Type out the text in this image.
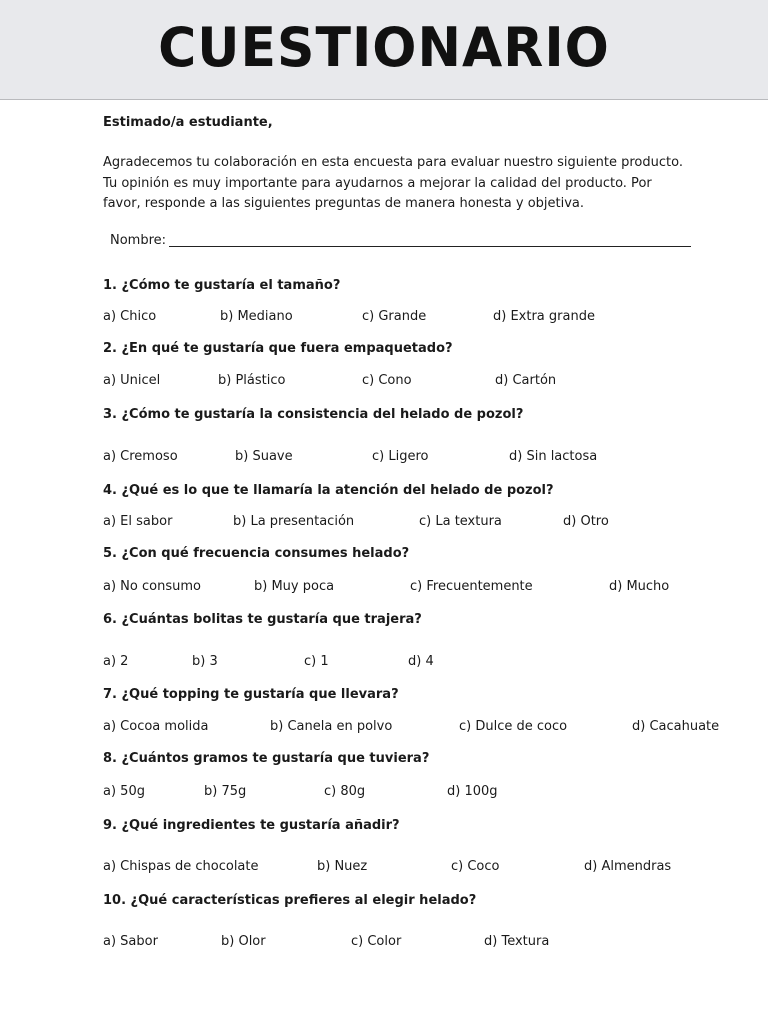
CUESTIONARIO
Estimado/a estudiante,
Agradecemos tu colaboración en esta encuesta para evaluar nuestro siguiente producto. Tu opinión es muy importante para ayudarnos a mejorar la calidad del producto. Por favor, responde a las siguientes preguntas de manera honesta y objetiva.
Nombre:
1. ¿Cómo te gustaría el tamaño?
a) Chico	b) Mediano	c) Grande	d) Extra grande
2. ¿En qué te gustaría que fuera empaquetado?
a) Unicel	b) Plástico	c) Cono	d) Cartón
3. ¿Cómo te gustaría la consistencia del helado de pozol?
a) Cremoso	b) Suave	c) Ligero	d) Sin lactosa
4. ¿Qué es lo que te llamaría la atención del helado de pozol?
a) El sabor	b) La presentación	c) La textura	d) Otro
5. ¿Con qué frecuencia consumes helado?
a) No consumo	b) Muy poca	c) Frecuentemente	d) Mucho
6. ¿Cuántas bolitas te gustaría que trajera?
a) 2	b) 3	c) 1	d) 4
7. ¿Qué topping te gustaría que llevara?
a) Cocoa molida	b) Canela en polvo	c) Dulce de coco	d) Cacahuate
8. ¿Cuántos gramos te gustaría que tuviera?
a) 50g	b) 75g	c) 80g	d) 100g
9. ¿Qué ingredientes te gustaría añadir?
a) Chispas de chocolate	b) Nuez	c) Coco	d) Almendras
10. ¿Qué características prefieres al elegir helado?
a) Sabor	b) Olor	c) Color	d) Textura
